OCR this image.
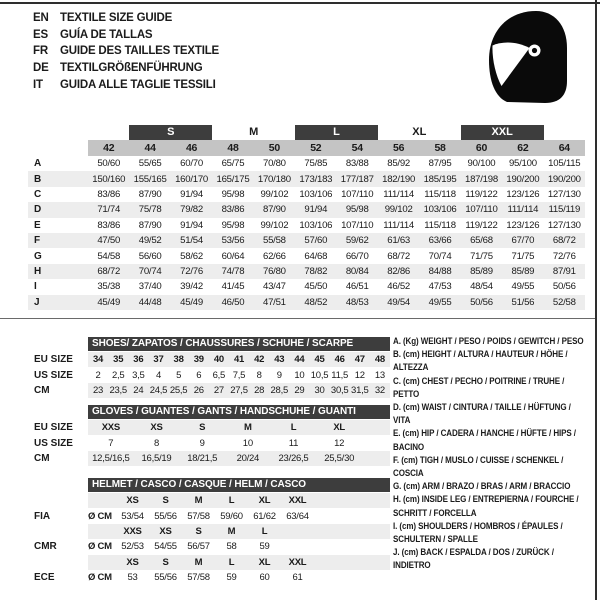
EN TEXTILE SIZE GUIDE
ES	GUÍA DE TALLAS
FR	GUIDE DES TAILLES TEXTILE
DE TEXTILGRÖßENFÜHRUNG
IT	GUIDA ALLE TAGLIE TESSILI
S	M	L	XL	XXL
42	44	46	48	50	52	54	56	58	60	62	64
A	50/60	55/65	60/70	65/75	70/80	75/85	83/88	85/92	87/95	90/100	95/100	105/115
B	150/160 155/165 160/170 165/175 170/180 173/183 177/187 182/190 185/195 187/198 190/200 190/200
C	83/86	87/90	91/94	95/98	99/102	103/106 107/110	111/114	115/118 119/122 123/126 127/130
D	71/74	75/78	79/82	83/86	87/90	91/94	95/98	99/102	103/106 107/110	111/114	115/119
E	83/86	87/90	91/94	95/98	99/102	103/106 107/110	111/114	115/118 119/122 123/126 127/130
F	47/50	49/52	51/54	53/56	55/58	57/60	59/62	61/63	63/66	65/68	67/70	68/72
G	54/58	56/60	58/62	60/64	62/66	64/68	66/70	68/72	70/74	71/75	71/75	72/76
H	68/72	70/74	72/76	74/78	76/80	78/82	80/84	82/86	84/88	85/89	85/89	87/91
I	35/38	37/40	39/42	41/45	43/47	45/50	46/51	46/52	47/53	48/54	49/55	50/56
J	45/49	44/48	45/49	46/50	47/51	48/52	48/53	49/54	49/55	50/56	51/56	52/58
SHOES/ ZAPATOS / CHAUSSURES / SCHUHE / SCARPE
EU SIZE	34	35	36	37	38	39	40	41	42	43	44	45	46	47	48
US SIZE	2	2,5 3,5	4	5	6	6,5 7,5	8	9	10 10,5 11,5 12	13
CM	23 23,5 24 24,5 25,5 26	27 27,5 28 28,5 29	30 30,5 31,5 32
GLOVES / GUANTES / GANTS / HANDSCHUHE / GUANTI
EU SIZE	XXS	XS	S	M	L	XL
US SIZE	7	8	9	10	11	12
CM	12,5/16,5	16,5/19	18/21,5	20/24	23/26,5	25,5/30
HELMET / CASCO / CASQUE / HELM / CASCO
XS	S	M	L	XL	XXL
FIA	Ø CM 53/54	55/56	57/58	59/60	61/62	63/64
XXS	XS	S	M	L
CMR	Ø CM 52/53	54/55	56/57	58	59
XS	S	M	L	XL	XXL
ECE	Ø CM	53	55/56	57/58	59	60	61
A. (Kg) WEIGHT / PESO / POIDS / GEWITCH / PESO
B. (cm) HEIGHT / ALTURA / HAUTEUR / HÖHE / ALTEZZA
C. (cm) CHEST / PECHO / POITRINE / TRUHE / PETTO
D. (cm) WAIST / CINTURA / TAILLE / HÜFTUNG / VITA
E. (cm) HIP / CADERA / HANCHE / HÜFTE / HIPS / BACINO
F. (cm) TIGH / MUSLO / CUISSE / SCHENKEL / COSCIA
G. (cm) ARM / BRAZO / BRAS / ARM / BRACCIO
H. (cm) INSIDE LEG / ENTREPIERNA / FOURCHE / SCHRITT / FORCELLA
I. (cm) SHOULDERS / HOMBROS / ÉPAULES / SCHULTERN / SPALLE
J. (cm) BACK / ESPALDA / DOS / ZURÜCK / INDIETRO
